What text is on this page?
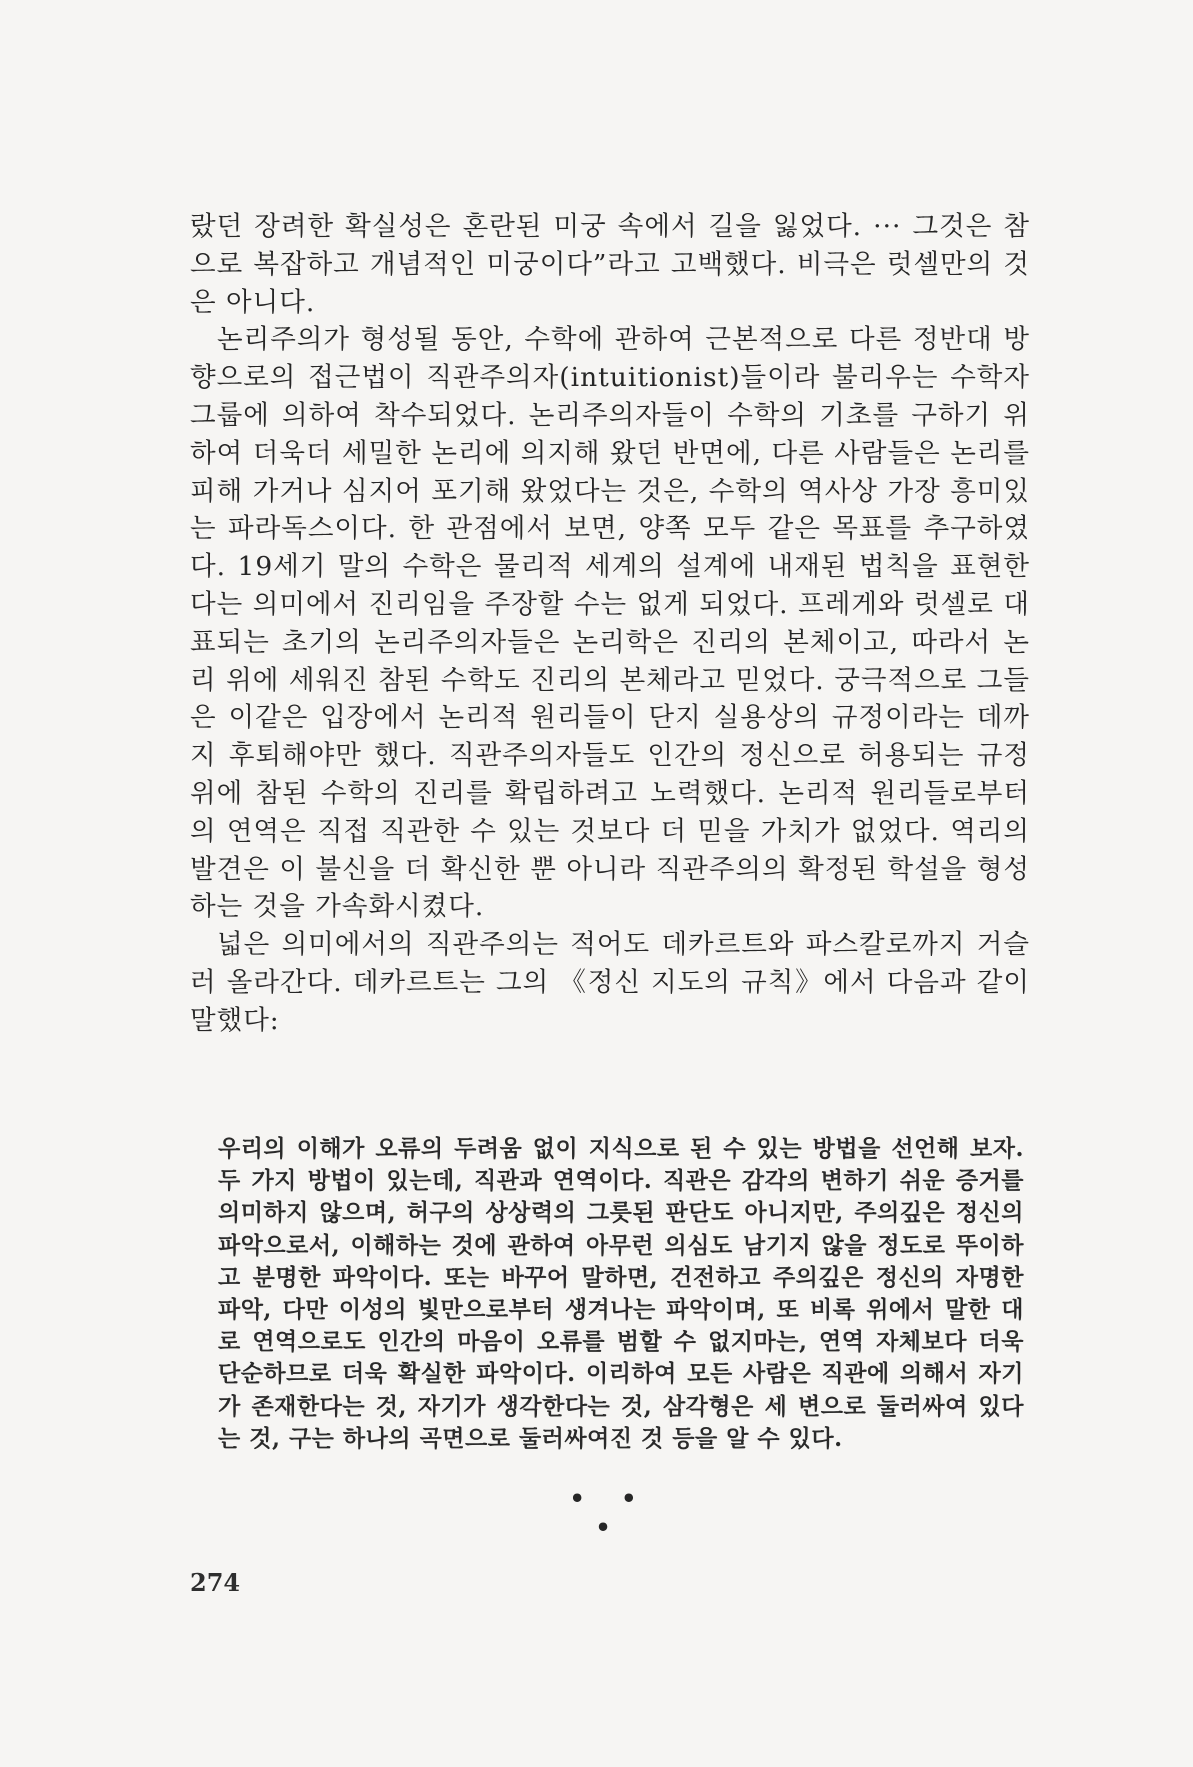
랐던 장려한 확실성은 혼란된 미궁 속에서 길을 잃었다. ··· 그것은 참으로 복잡하고 개념적인 미궁이다”라고 고백했다. 비극은 럿셀만의 것은 아니다.

논리주의가 형성될 동안, 수학에 관하여 근본적으로 다른 정반대 방향으로의 접근법이 직관주의자(intuitionist)들이라 불리우는 수학자 그룹에 의하여 착수되었다. 논리주의자들이 수학의 기초를 구하기 위하여 더욱더 세밀한 논리에 의지해 왔던 반면에, 다른 사람들은 논리를 피해 가거나 심지어 포기해 왔었다는 것은, 수학의 역사상 가장 흥미있는 파라독스이다. 한 관점에서 보면, 양쪽 모두 같은 목표를 추구하였다. 19세기 말의 수학은 물리적 세계의 설계에 내재된 법칙을 표현한다는 의미에서 진리임을 주장할 수는 없게 되었다. 프레게와 럿셀로 대표되는 초기의 논리주의자들은 논리학은 진리의 본체이고, 따라서 논리 위에 세워진 참된 수학도 진리의 본체라고 믿었다. 궁극적으로 그들은 이같은 입장에서 논리적 원리들이 단지 실용상의 규정이라는 데까지 후퇴해야만 했다. 직관주의자들도 인간의 정신으로 허용되는 규정 위에 참된 수학의 진리를 확립하려고 노력했다. 논리적 원리들로부터의 연역은 직접 직관한 수 있는 것보다 더 믿을 가치가 없었다. 역리의 발견은 이 불신을 더 확신한 뿐 아니라 직관주의의 확정된 학설을 형성하는 것을 가속화시켰다.

넓은 의미에서의 직관주의는 적어도 데카르트와 파스칼로까지 거슬러 올라간다. 데카르트는 그의 《정신 지도의 규칙》에서 다음과 같이 말했다:

우리의 이해가 오류의 두려움 없이 지식으로 된 수 있는 방법을 선언해 보자. 두 가지 방법이 있는데, 직관과 연역이다. 직관은 감각의 변하기 쉬운 증거를 의미하지 않으며, 허구의 상상력의 그릇된 판단도 아니지만, 주의깊은 정신의 파악으로서, 이해하는 것에 관하여 아무런 의심도 남기지 않을 정도로 뚜이하고 분명한 파악이다. 또는 바꾸어 말하면, 건전하고 주의깊은 정신의 자명한 파악, 다만 이성의 빛만으로부터 생겨나는 파악이며, 또 비록 위에서 말한 대로 연역으로도 인간의 마음이 오류를 범할 수 없지마는, 연역 자체보다 더욱 단순하므로 더욱 확실한 파악이다. 이리하여 모든 사람은 직관에 의해서 자기가 존재한다는 것, 자기가 생각한다는 것, 삼각형은 세 변으로 둘러싸여 있다는 것, 구는 하나의 곡면으로 둘러싸여진 것 등을 알 수 있다.

• • •
274
